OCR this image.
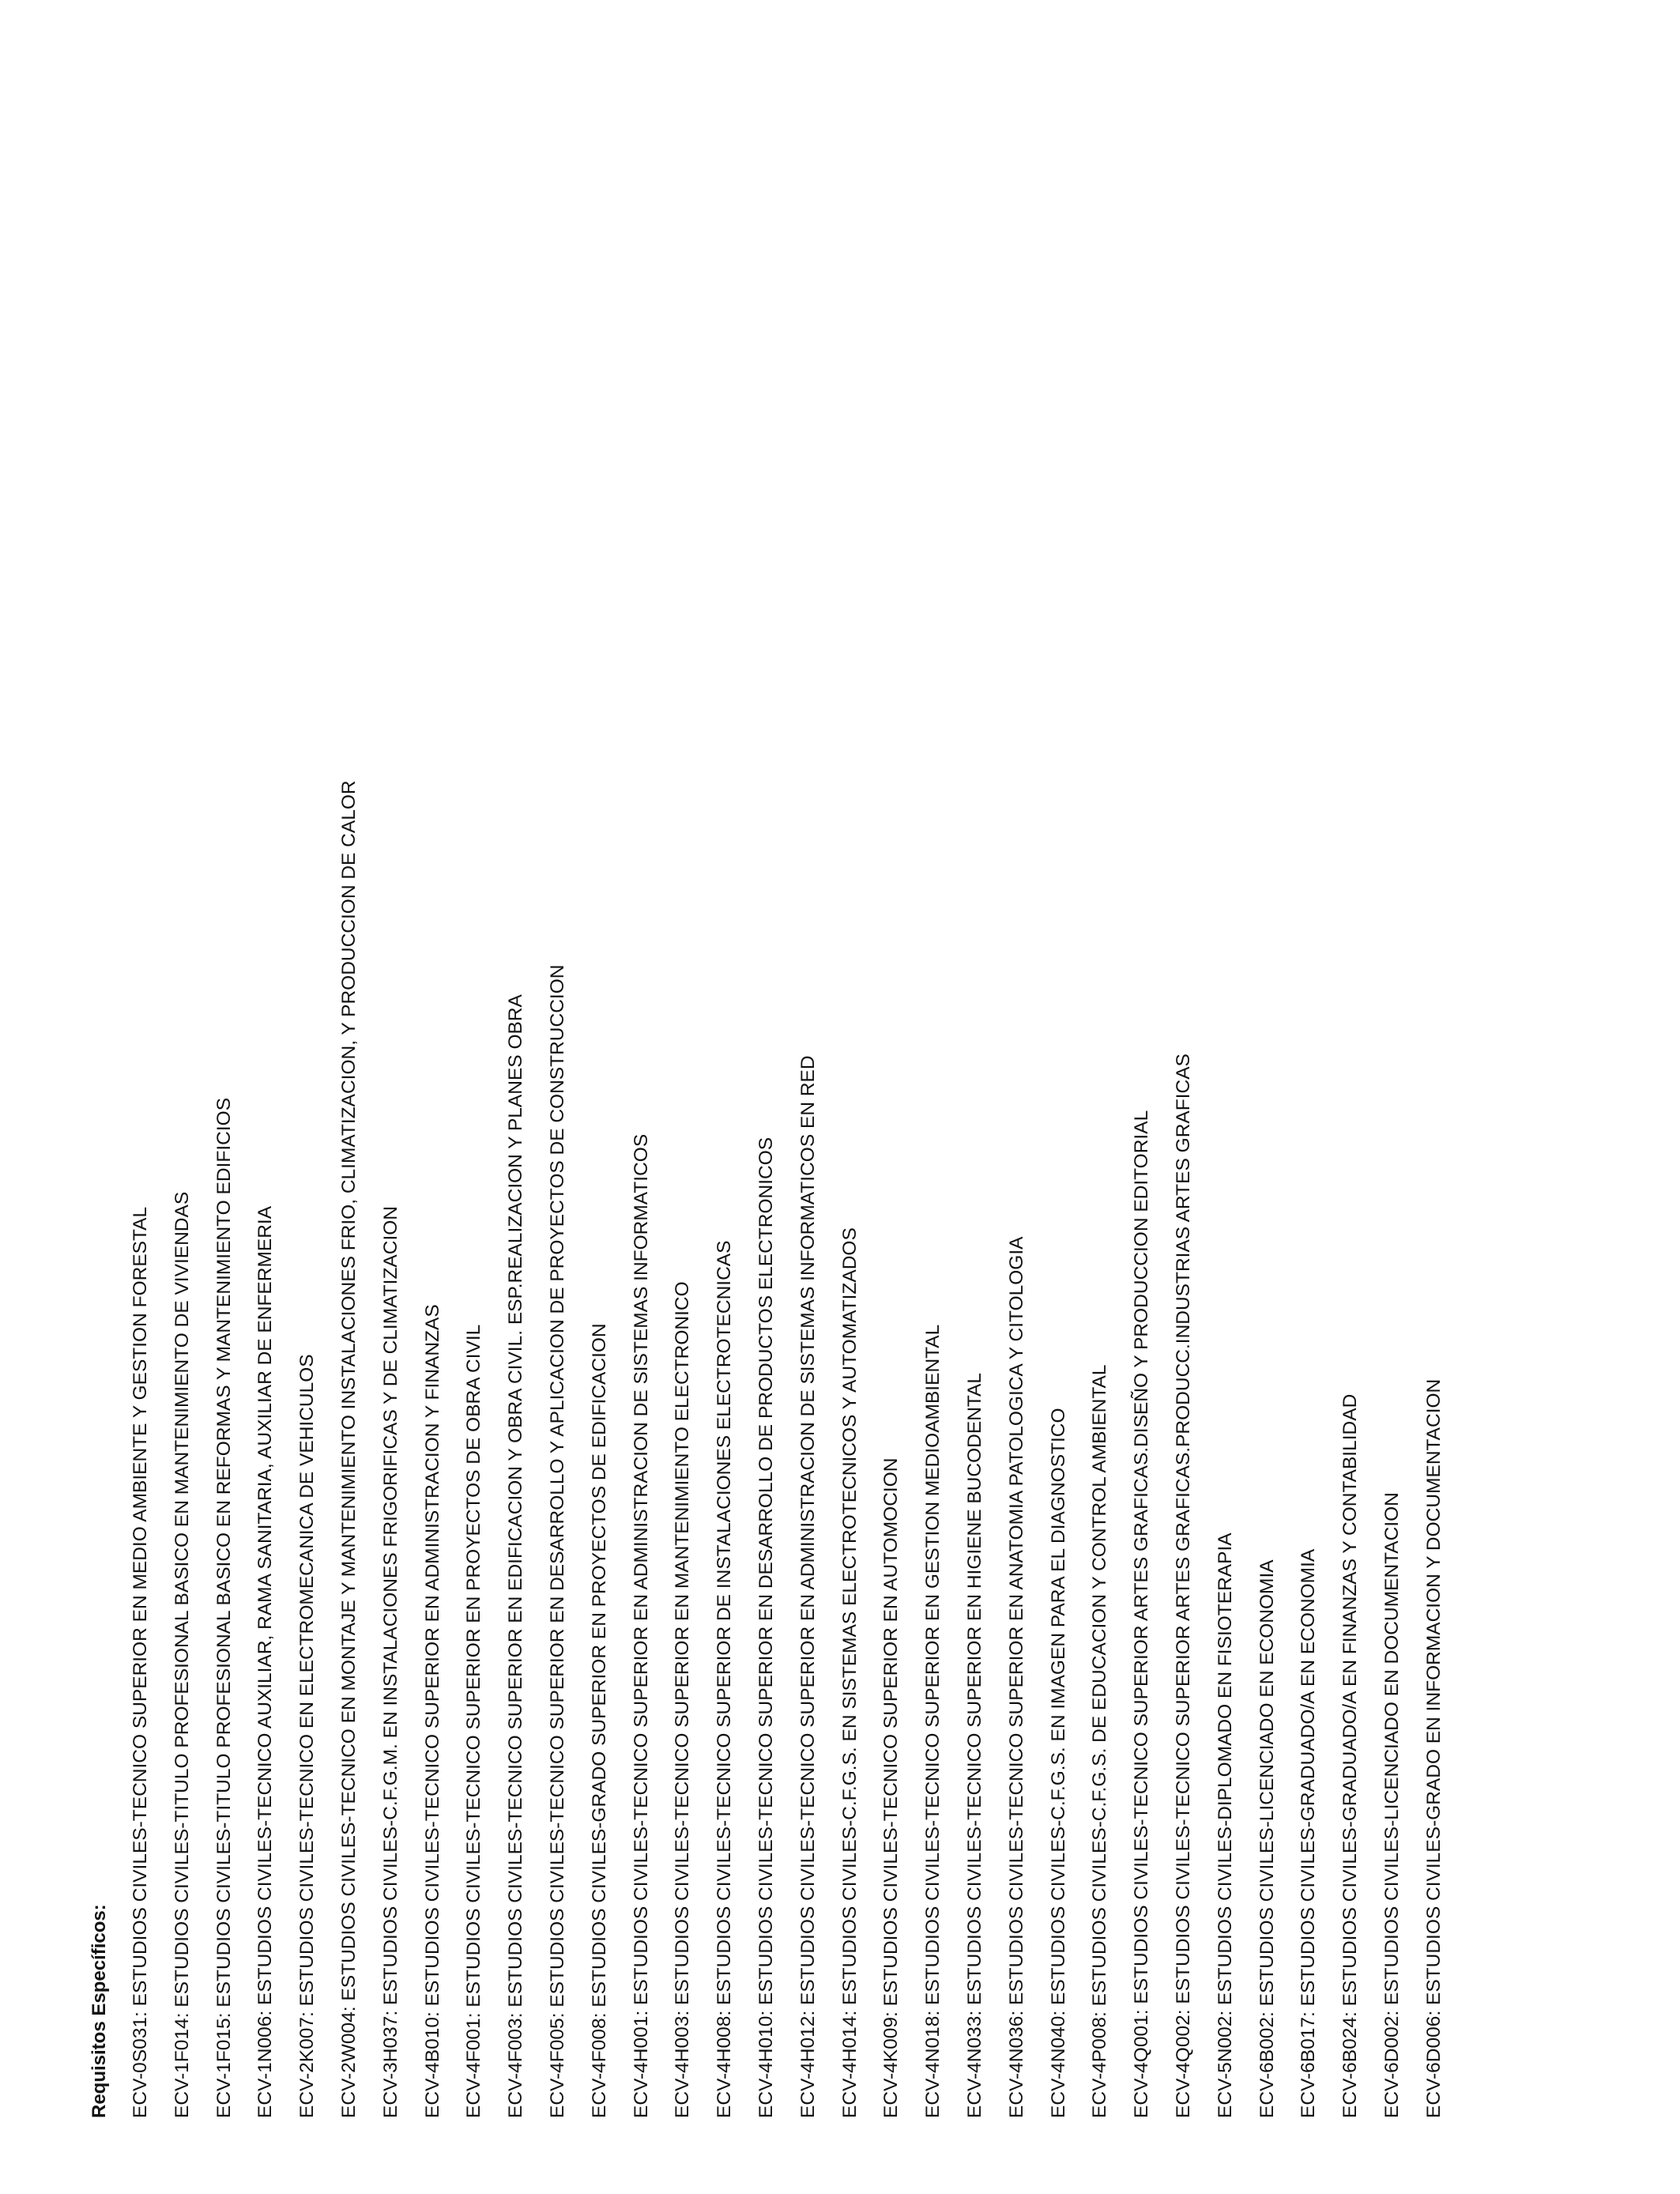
Requisitos Específicos:	ECV-0S031: ESTUDIOS CIVILES-TECNICO SUPERIOR EN MEDIO AMBIENTE Y GESTION FORESTAL	ECV-1F014: ESTUDIOS CIVILES-TITULO PROFESIONAL BASICO EN MANTENIMIENTO DE VIVIENDAS	ECV-1F015: ESTUDIOS CIVILES-TITULO PROFESIONAL BASICO EN REFORMAS Y MANTENIMIENTO EDIFICIOS	ECV-1N006: ESTUDIOS CIVILES-TECNICO AUXILIAR, RAMA SANITARIA, AUXILIAR DE ENFERMERIA	ECV-2K007: ESTUDIOS CIVILES-TECNICO EN ELECTROMECANICA DE VEHICULOS	ECV-2W004: ESTUDIOS CIVILES-TECNICO EN MONTAJE Y MANTENIMIENTO INSTALACIONES FRIO, CLIMATIZACION, Y PRODUCCION DE CALOR	ECV-3H037: ESTUDIOS CIVILES-C.F.G.M. EN INSTALACIONES FRIGORIFICAS Y DE CLIMATIZACION	ECV-4B010: ESTUDIOS CIVILES-TECNICO SUPERIOR EN ADMINISTRACION Y FINANZAS	ECV-4F001: ESTUDIOS CIVILES-TECNICO SUPERIOR EN PROYECTOS DE OBRA CIVIL	ECV-4F003: ESTUDIOS CIVILES-TECNICO SUPERIOR EN EDIFICACION Y OBRA CIVIL. ESP.REALIZACION Y PLANES OBRA	ECV-4F005: ESTUDIOS CIVILES-TECNICO SUPERIOR EN DESARROLLO Y APLICACION DE PROYECTOS DE CONSTRUCCION	ECV-4F008: ESTUDIOS CIVILES-GRADO SUPERIOR EN PROYECTOS DE EDIFICACION	ECV-4H001: ESTUDIOS CIVILES-TECNICO SUPERIOR EN ADMINISTRACION DE SISTEMAS INFORMATICOS	ECV-4H003: ESTUDIOS CIVILES-TECNICO SUPERIOR EN MANTENIMIENTO ELECTRONICO	ECV-4H008: ESTUDIOS CIVILES-TECNICO SUPERIOR DE INSTALACIONES ELECTROTECNICAS	ECV-4H010: ESTUDIOS CIVILES-TECNICO SUPERIOR EN DESARROLLO DE PRODUCTOS ELECTRONICOS	ECV-4H012: ESTUDIOS CIVILES-TECNICO SUPERIOR EN ADMINISTRACION DE SISTEMAS INFORMATICOS EN RED	ECV-4H014: ESTUDIOS CIVILES-C.F.G.S. EN SISTEMAS ELECTROTECNICOS Y AUTOMATIZADOS	ECV-4K009: ESTUDIOS CIVILES-TECNICO SUPERIOR EN AUTOMOCION	ECV-4N018: ESTUDIOS CIVILES-TECNICO SUPERIOR EN GESTION MEDIOAMBIENTAL	ECV-4N033: ESTUDIOS CIVILES-TECNICO SUPERIOR EN HIGIENE BUCODENTAL	ECV-4N036: ESTUDIOS CIVILES-TECNICO SUPERIOR EN ANATOMIA PATOLOGICA Y CITOLOGIA	ECV-4N040: ESTUDIOS CIVILES-C.F.G.S. EN IMAGEN PARA EL DIAGNOSTICO	ECV-4P008: ESTUDIOS CIVILES-C.F.G.S. DE EDUCACION Y CONTROL AMBIENTAL	ECV-4Q001: ESTUDIOS CIVILES-TECNICO SUPERIOR ARTES GRAFICAS.DISEÑO Y PRODUCCION EDITORIAL	ECV-4Q002: ESTUDIOS CIVILES-TECNICO SUPERIOR ARTES GRAFICAS.PRODUCC.INDUSTRIAS ARTES GRAFICAS	ECV-5N002: ESTUDIOS CIVILES-DIPLOMADO EN FISIOTERAPIA	ECV-6B002: ESTUDIOS CIVILES-LICENCIADO EN ECONOMIA	ECV-6B017: ESTUDIOS CIVILES-GRADUADO/A EN ECONOMIA	ECV-6B024: ESTUDIOS CIVILES-GRADUADO/A EN FINANZAS Y CONTABILIDAD	ECV-6D002: ESTUDIOS CIVILES-LICENCIADO EN DOCUMENTACION	ECV-6D006: ESTUDIOS CIVILES-GRADO EN INFORMACION Y DOCUMENTACION
